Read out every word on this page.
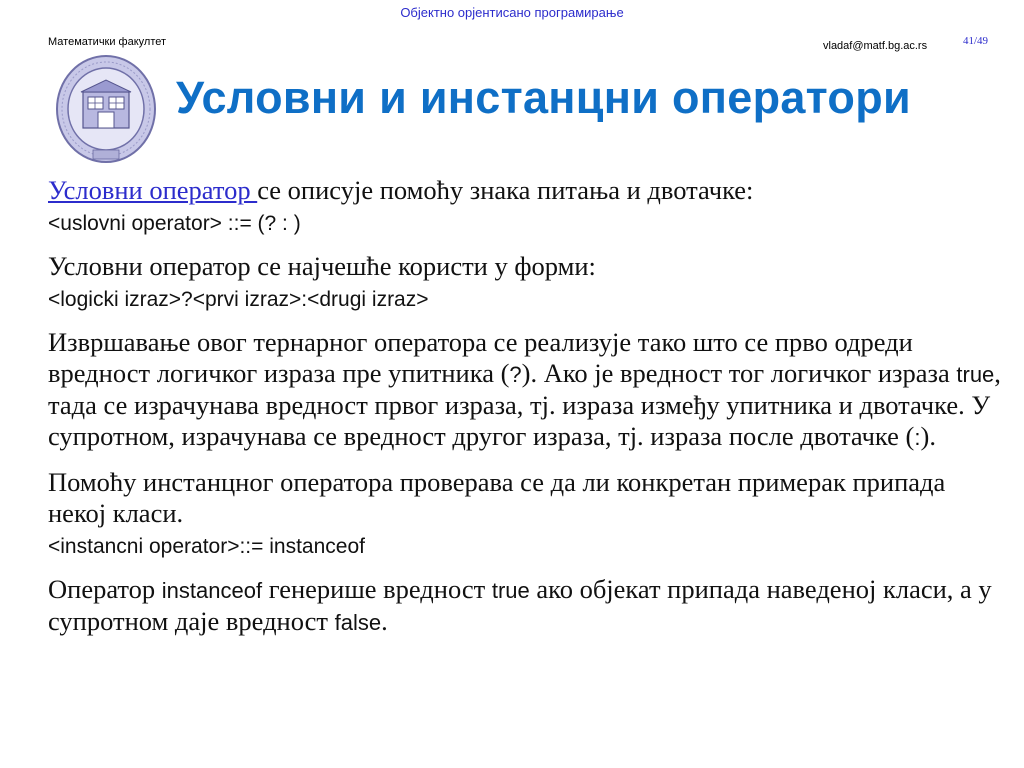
Објектно орјентисано програмирање
Математички факултет	vladaf@matf.bg.ac.rs	41/49
Условни и инстанцни оператори

Условни оператор се описује помоћу знака питања и двотачке:

<uslovni operator> ::= (? : )

Условни оператор се најчешће користи у форми:

<logicki izraz>?<prvi izraz>:<drugi izraz>

Извршавање овог тернарног оператора се реализује тако што се прво одреди вредност логичког израза пре упитника (?). Ако је вредност тог логичког израза true, тада се израчунава вредност првог израза, тј. израза између упитника и двотачке. У супротном, израчунава се вредност другог израза, тј. израза после двотачке (:).

Помоћу инстанцног оператора проверава се да ли конкретан примерак припада некој класи.

<instancni operator>::= instanceof

Оператор instanceof генерише вредност true ако објекат припада наведеној класи, а у супротном даје вредност false.
